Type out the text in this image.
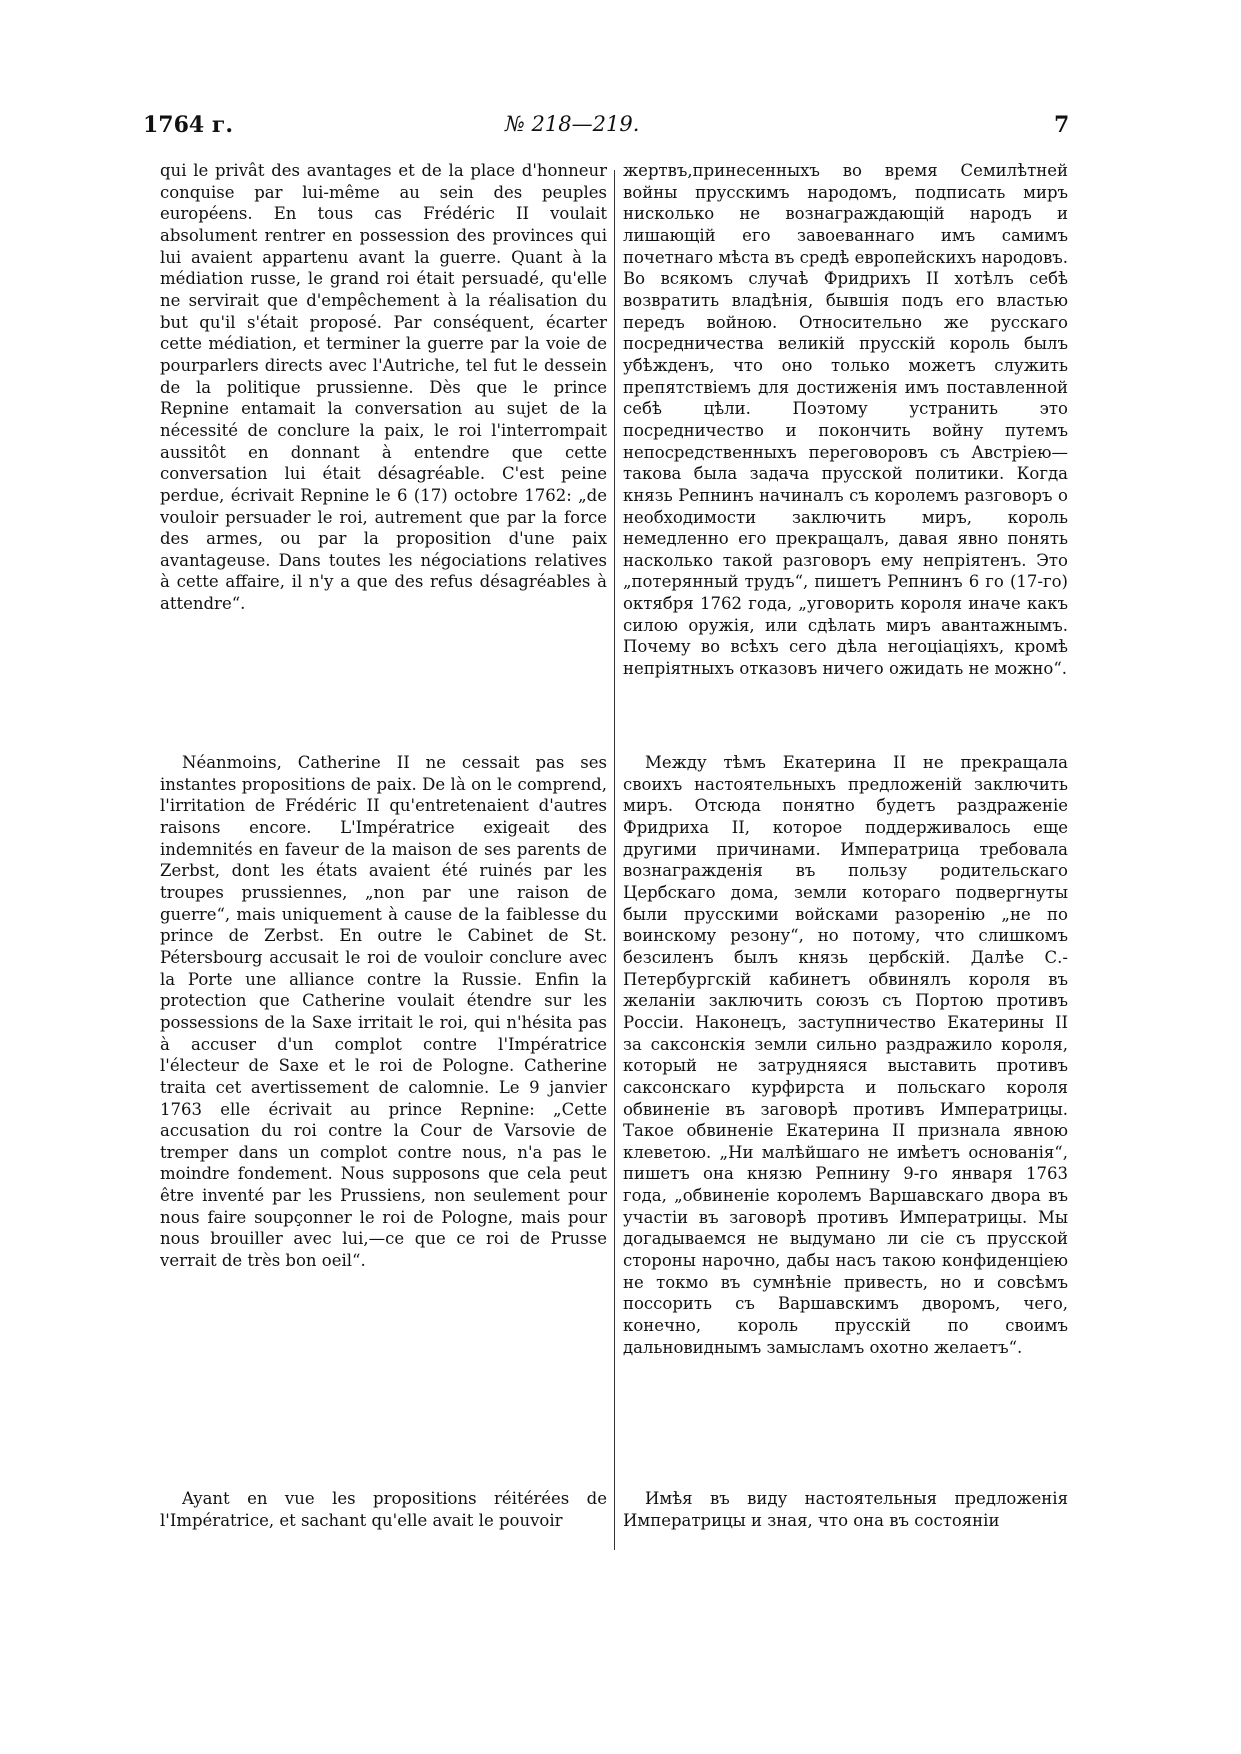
1764 г.	№ 218—219.	7

qui le privât des avantages et de la place d'honneur conquise par lui-même au sein des peuples européens. En tous cas Frédéric II voulait absolument rentrer en possession des provinces qui lui avaient appartenu avant la guerre. Quant à la médiation russe, le grand roi était persuadé, qu'elle ne servirait que d'empêchement à la réalisation du but qu'il s'était proposé. Par conséquent, écarter cette médiation, et terminer la guerre par la voie de pourparlers directs avec l'Autriche, tel fut le dessein de la politique prussienne. Dès que le prince Repnine entamait la conversation au sujet de la nécessité de conclure la paix, le roi l'interrompait aussitôt en donnant à entendre que cette conversation lui était désagréable. C'est peine perdue, écrivait Repnine le 6 (17) octobre 1762: „de vouloir persuader le roi, autrement que par la force des armes, ou par la proposition d'une paix avantageuse. Dans toutes les négociations relatives à cette affaire, il n'y a que des refus désagréables à attendre“.

Néanmoins, Catherine II ne cessait pas ses instantes propositions de paix. De là on le comprend, l'irritation de Frédéric II qu'entretenaient d'autres raisons encore. L'Impératrice exigeait des indemnités en faveur de la maison de ses parents de Zerbst, dont les états avaient été ruinés par les troupes prussiennes, „non par une raison de guerre“, mais uniquement à cause de la faiblesse du prince de Zerbst. En outre le Cabinet de St. Pétersbourg accusait le roi de vouloir conclure avec la Porte une alliance contre la Russie. Enfin la protection que Catherine voulait étendre sur les possessions de la Saxe irritait le roi, qui n'hésita pas à accuser d'un complot contre l'Impératrice l'électeur de Saxe et le roi de Pologne. Catherine traita cet avertissement de calomnie. Le 9 janvier 1763 elle écrivait au prince Repnine: „Cette accusation du roi contre la Cour de Varsovie de tremper dans un complot contre nous, n'a pas le moindre fondement. Nous supposons que cela peut être inventé par les Prussiens, non seulement pour nous faire soupçonner le roi de Pologne, mais pour nous brouiller avec lui,—ce que ce roi de Prusse verrait de très bon oeil“.

Ayant en vue les propositions réitérées de l'Impératrice, et sachant qu'elle avait le pouvoir

жертвъ,принесенныхъ во время Семилѣтней войны прусскимъ народомъ, подписать миръ нисколько не вознаграждающій народъ и лишающій его завоеваннаго имъ самимъ почетнаго мѣста въ средѣ европейскихъ народовъ. Во всякомъ случаѣ Фридрихъ II хотѣлъ себѣ возвратить владѣнія, бывшія подъ его властью передъ войною. Относительно же русскаго посредничества великій прусскій король былъ убѣжденъ, что оно только можетъ служить препятствіемъ для достиженія имъ поставленной себѣ цѣли. Поэтому устранить это посредничество и покончить войну путемъ непосредственныхъ переговоровъ съ Австріею—такова была задача прусской политики. Когда князь Репнинъ начиналъ съ королемъ разговоръ о необходимости заключить миръ, король немедленно его прекращалъ, давая явно понять насколько такой разговоръ ему непріятенъ. Это „потерянный трудъ“, пишетъ Репнинъ 6 го (17-го) октября 1762 года, „уговорить короля иначе какъ силою оружія, или сдѣлать миръ авантажнымъ. Почему во всѣхъ сего дѣла негоціаціяхъ, кромѣ непріятныхъ отказовъ ничего ожидать не можно“.

Между тѣмъ Екатерина II не прекращала своихъ настоятельныхъ предложеній заключить миръ. Отсюда понятно будетъ раздраженіе Фридриха II, которое поддерживалось еще другими причинами. Императрица требовала вознагражденія въ пользу родительскаго Цербскаго дома, земли котораго подвергнуты были прусскими войсками разоренію „не по воинскому резону“, но потому, что слишкомъ безсиленъ былъ князь цербскій. Далѣе С.-Петербургскій кабинетъ обвинялъ короля въ желаніи заключить союзъ съ Портою противъ Россіи. Наконецъ, заступничество Екатерины II за саксонскія земли сильно раздражило короля, который не затрудняяся выставить противъ саксонскаго курфирста и польскаго короля обвиненіе въ заговорѣ противъ Императрицы. Такое обвиненіе Екатерина II признала явною клеветою. „Ни малѣйшаго не имѣетъ основанія“, пишетъ она князю Репнину 9-го января 1763 года, „обвиненіе королемъ Варшавскаго двора въ участіи въ заговорѣ противъ Императрицы. Мы догадываемся не выдумано ли сіе съ прусской стороны нарочно, дабы насъ такою конфиденціею не токмо въ сумнѣніе привесть, но и совсѣмъ поссорить съ Варшавскимъ дворомъ, чего, конечно, король прусскій по своимъ дальновиднымъ замысламъ охотно желаетъ“.

Имѣя въ виду настоятельныя предложенія Императрицы и зная, что она въ состояніи
